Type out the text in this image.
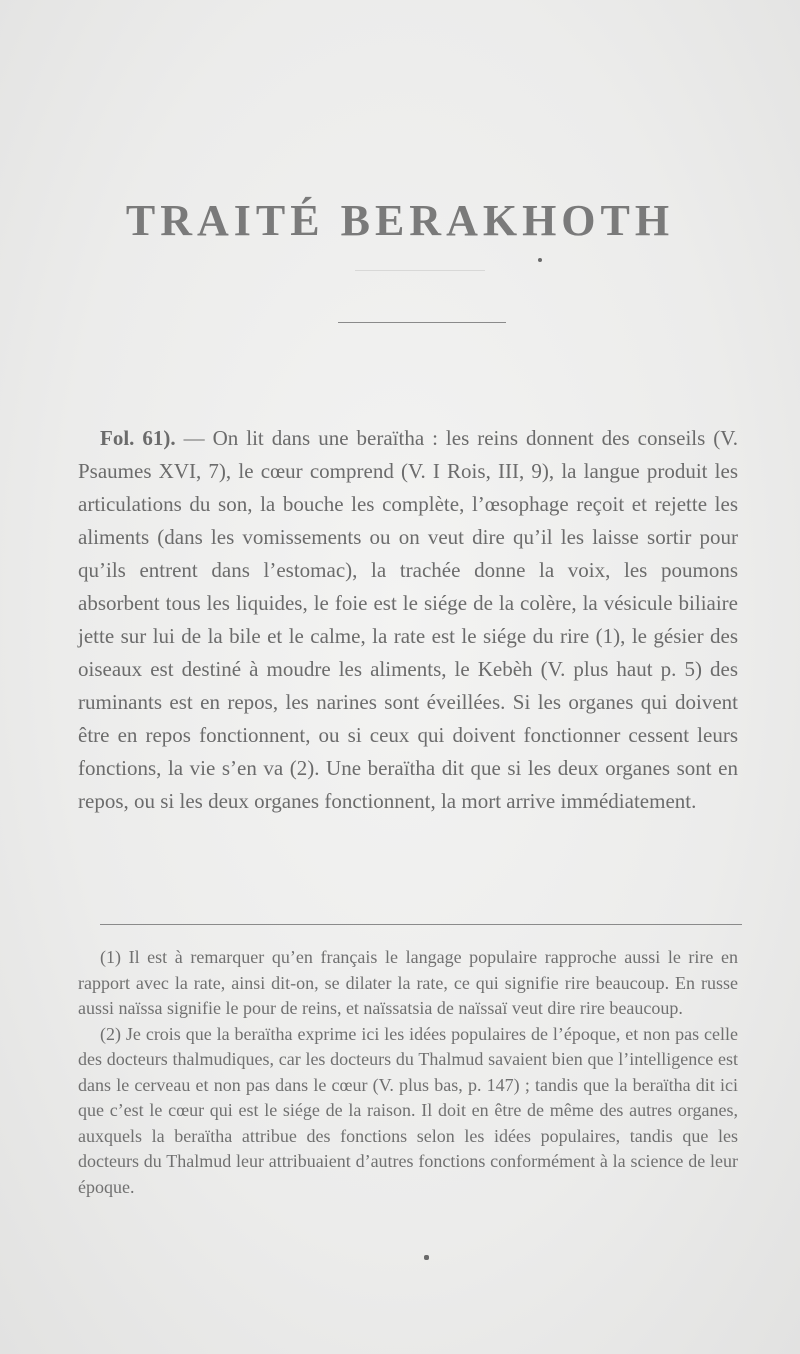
TRAITÉ BERAKHOTH
Fol. 61). — On lit dans une beraïtha : les reins donnent des conseils (V. Psaumes XVI, 7), le cœur comprend (V. I Rois, III, 9), la langue produit les articulations du son, la bouche les complète, l’œsophage reçoit et rejette les aliments (dans les vomissements ou on veut dire qu’il les laisse sortir pour qu’ils entrent dans l’estomac), la trachée donne la voix, les poumons absorbent tous les liquides, le foie est le siége de la colère, la vésicule biliaire jette sur lui de la bile et le calme, la rate est le siége du rire (1), le gésier des oiseaux est destiné à moudre les aliments, le Kebèh (V. plus haut p. 5) des ruminants est en repos, les narines sont éveillées. Si les organes qui doivent être en repos fonctionnent, ou si ceux qui doivent fonctionner cessent leurs fonctions, la vie s’en va (2). Une beraïtha dit que si les deux organes sont en repos, ou si les deux organes fonctionnent, la mort arrive immédiatement.

(1) Il est à remarquer qu’en français le langage populaire rapproche aussi le rire en rapport avec la rate, ainsi dit-on, se dilater la rate, ce qui signifie rire beaucoup. En russe aussi naïssa signifie le pour de reins, et naïssatsia de naïssaï veut dire rire beaucoup.

(2) Je crois que la beraïtha exprime ici les idées populaires de l’époque, et non pas celle des docteurs thalmudiques, car les docteurs du Thalmud savaient bien que l’intelligence est dans le cerveau et non pas dans le cœur (V. plus bas, p. 147) ; tandis que la beraïtha dit ici que c’est le cœur qui est le siége de la raison. Il doit en être de même des autres organes, auxquels la beraïtha attribue des fonctions selon les idées populaires, tandis que les docteurs du Thalmud leur attribuaient d’autres fonctions conformément à la science de leur époque.
